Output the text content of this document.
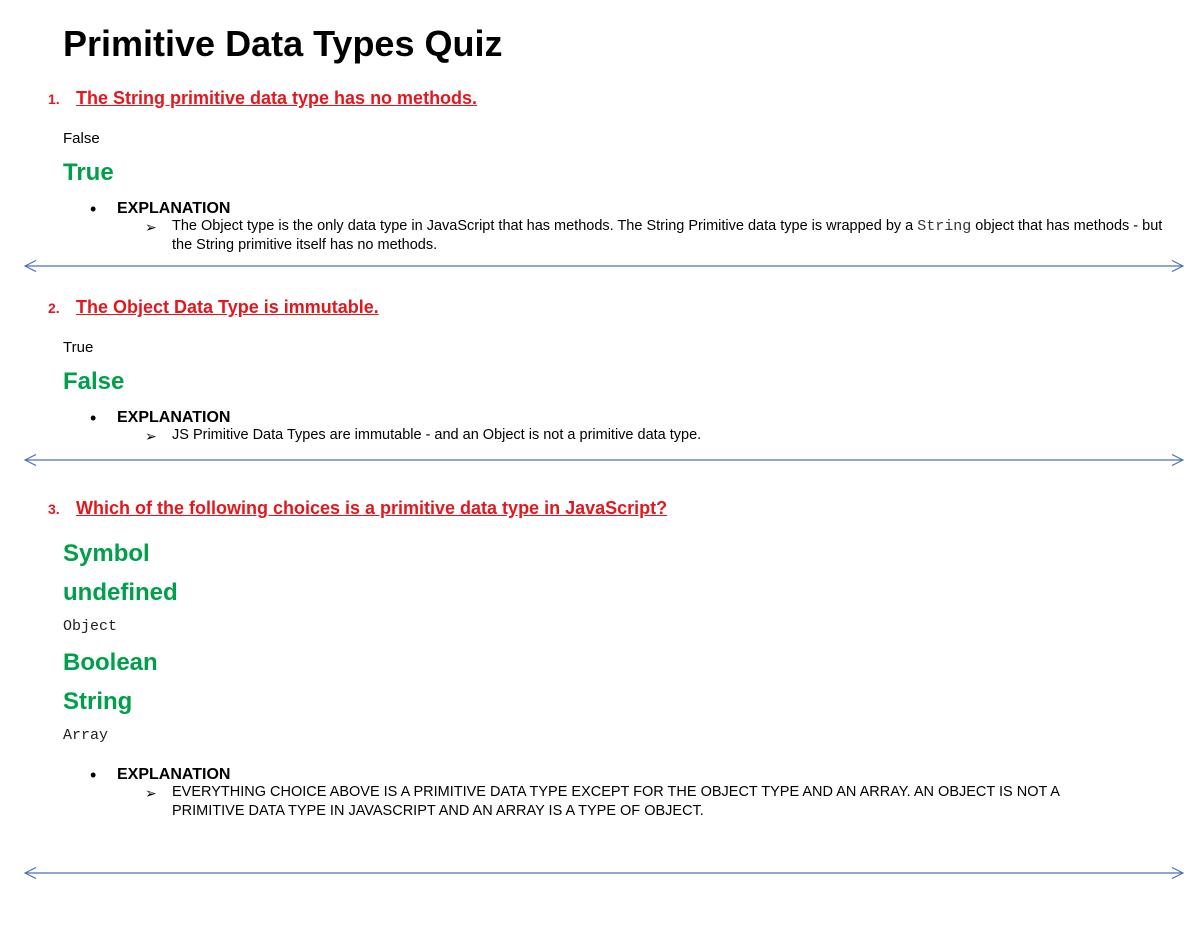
Primitive Data Types Quiz
1. The String primitive data type has no methods.
False
True
• EXPLANATION
➢ The Object type is the only data type in JavaScript that has methods. The String Primitive data type is wrapped by a String object that has methods - but the String primitive itself has no methods.
2. The Object Data Type is immutable.
True
False
• EXPLANATION
➢ JS Primitive Data Types are immutable - and an Object is not a primitive data type.
3. Which of the following choices is a primitive data type in JavaScript?
Symbol
undefined
Object
Boolean
String
Array
• EXPLANATION
➢ EVERYTHING CHOICE ABOVE IS A PRIMITIVE DATA TYPE EXCEPT FOR THE OBJECT TYPE AND AN ARRAY. AN OBJECT IS NOT A PRIMITIVE DATA TYPE IN JAVASCRIPT AND AN ARRAY IS A TYPE OF OBJECT.
